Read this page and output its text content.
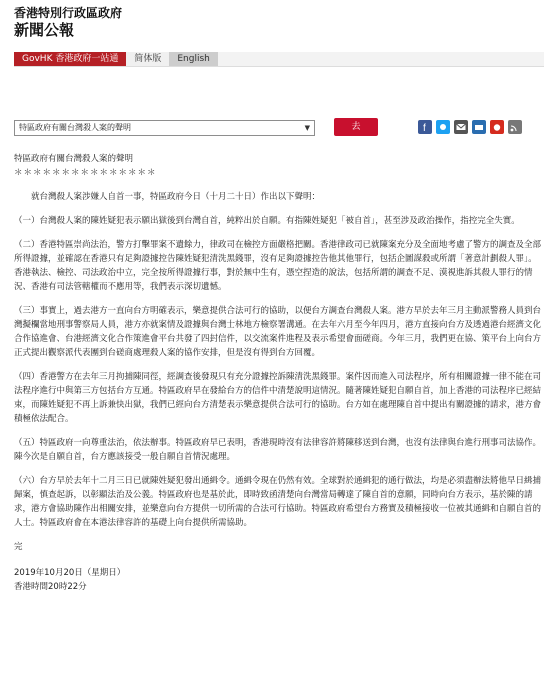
香港特別行政區政府
新聞公報
GovHK 香港政府一站通	简体版	English
特區政府有關台灣殺人案的聲明	▼	去	f

特區政府有關台灣殺人案的聲明

＊＊＊＊＊＊＊＊＊＊＊＊＊＊＊

就台灣殺人案涉嫌人自首一事，特區政府今日（十月二十日）作出以下聲明：

（一）台灣殺人案的陳姓疑犯表示願出獄後到台灣自首，純粹出於自願。有指陳姓疑犯「被自首」，甚至涉及政治操作，指控完全失實。

（二）香港特區崇尚法治，警方打擊罪案不遺餘力，律政司在檢控方面嚴格把關。香港律政司已就陳案充分及全面地考慮了警方的調查及全部所得證據，並確認在香港只有足夠證據控告陳姓疑犯清洗黑錢罪，沒有足夠證據控告他其他罪行，包括企圖謀殺或所謂「著意計劃殺人罪」。香港執法、檢控、司法政治中立，完全按所得證據行事，對於無中生有，憑空捏造的說法，包括所謂的調查不足、漠視進訴其殺人罪行的情況、香港有司法管轄權而不應用等，我們表示深切遺憾。

（三）事實上，過去港方一直向台方明確表示，樂意提供合法可行的協助，以便台方調查台灣殺人案。港方早於去年三月主動派警務人員到台灣擬欄當地刑事警察局人員，港方亦就案情及證據與台灣士林地方檢察署溝通。在去年六月至今年四月，港方直接向台方及透過港台經濟文化合作協進會、台港經濟文化合作策進會平台共發了四封信件，以交流案件進程及表示希望會面磋商。今年三月，我們更在協、策平台上向台方正式提出觀察派代表團到台磋商處理殺人案的協作安排，但是沒有得到台方回覆。

（四）香港警方在去年三月拘捕陳同徑，經調查後發現只有充分證據控訴陳清洗黑錢罪。案件因而進入司法程序，所有相關證據一律不能在司法程序進行中與第三方包括台方互通。特區政府早在發給台方的信件中清楚說明這情況。隨著陳姓疑犯自願自首，加上香港的司法程序已經結束，而陳姓疑犯不再上訴兼快出獄，我們已經向台方清楚表示樂意提供合法可行的協助。台方如在處理陳自首中提出有關證據的請求，港方會積極依法配合。

（五）特區政府一向尊重法治，依法辦事。特區政府早已表明，香港現時沒有法律容許將陳移送到台灣，也沒有法律與台進行刑事司法協作。陳今次是自願自首，台方應該接受一般自願自首情況處理。

（六）台方早於去年十二月三日已就陳姓疑犯發出通緝令。通緝令現在仍然有效。全球對於通緝犯的通行做法，均是必須盡辦法將他早日緝捕歸案，慎查起訴，以彰顯法治及公義。特區政府也是基於此，即時致函清楚向台灣當局轉達了陳自首的意願，同時向台方表示，基於陳的請求，港方會協助陳作出相關安排，並樂意向台方提供一切所需的合法可行協助。特區政府希望台方務實及積極接收一位被其通緝和自願自首的人士。特區政府會在本港法律容許的基礎上向台提供所需協助。

完

2019年10月20日（星期日）

香港時間20時22分
